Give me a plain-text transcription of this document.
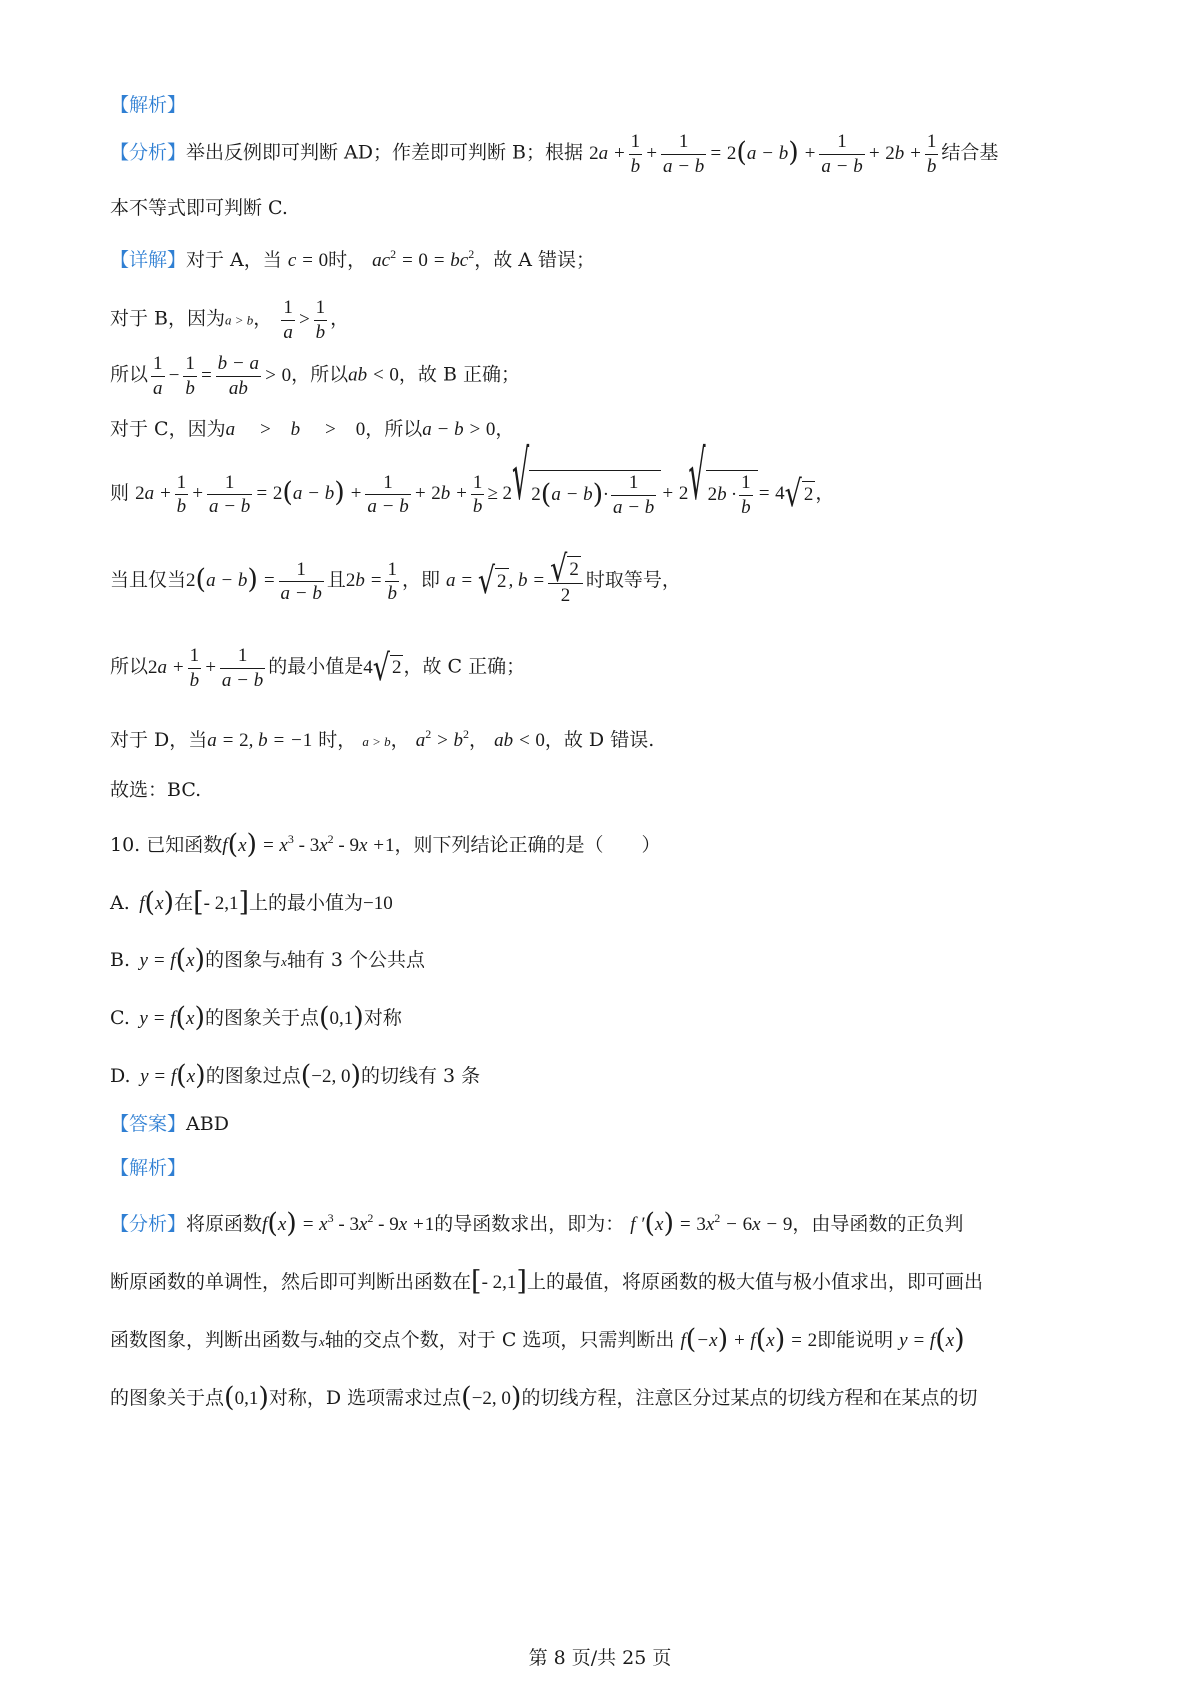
【解析】
【分析】举出反例即可判断 AD；作差即可判断 B；根据 $2a + \frac{1}{b} + \frac{1}{a - b} = 2(a - b) + \frac{1}{a - b} + 2b + \frac{1}{b}$ 结合基
本不等式即可判断 C.
【详解】对于 A，当 c = 0时， $ac^2 = 0 = bc^2$，故 A 错误；
对于 B，因为a > b， $\frac{1}{a} > \frac{1}{b}$ ，
所以 $\frac{1}{a} - \frac{1}{b} = \frac{b - a}{ab} > 0$，所以ab < 0，故 B 正确；
对于 C，因为a  > b  > 0，所以a − b > 0，
则 $2a + \frac{1}{b} + \frac{1}{a - b} = 2(a - b) + \frac{1}{a - b} + 2b + \frac{1}{b} \ge 2$ √ 2 ( a − b ) · $\frac{1}{a - b} + 2$ √ 2 $b \cdot \frac{1}{b} = 4$ √ 2 ，
当且仅当$2(a - b) = \frac{1}{a - b}$ 且$2b = \frac{1}{b}$ ，即 a = √ 2 , $b = \frac{√ 2}{2}$ 时取等号，
所以$2a + \frac{1}{b} + \frac{1}{a - b}$ 的最小值是4 √ 2 ，故 C 正确；
对于 D，当a = 2, b = −1 时， a > b， $a^2 > b^2$， ab < 0，故 D 错误.
故选：BC.
10. 已知函数$f(x) = x^3 - 3x^2 - 9x +1$，则下列结论正确的是（　　）
A.  f(x)在[- 2,1]上的最小值为−10
B.  y = f(x)的图象与x轴有 3 个公共点
C.  y = f(x)的图象关于点(0,1)对称
D.  y = f(x)的图象过点(−2, 0)的切线有 3 条
【答案】ABD
【解析】
【分析】将原函数$f(x) = x^3 - 3x^2 - 9x +1$的导函数求出，即为： f $'(x) = 3x^2 - 6x - 9$，由导函数的正负判
断原函数的单调性，然后即可判断出函数在[- 2,1]上的最值，将原函数的极大值与极小值求出，即可画出
函数图象，判断出函数与x轴的交点个数，对于 C 选项，只需判断出 f(−x) + f(x) = 2即能说明 y = f(x)
的图象关于点(0,1)对称，D 选项需求过点(−2, 0)的切线方程，注意区分过某点的切线方程和在某点的切
第 8 页/共 25 页
